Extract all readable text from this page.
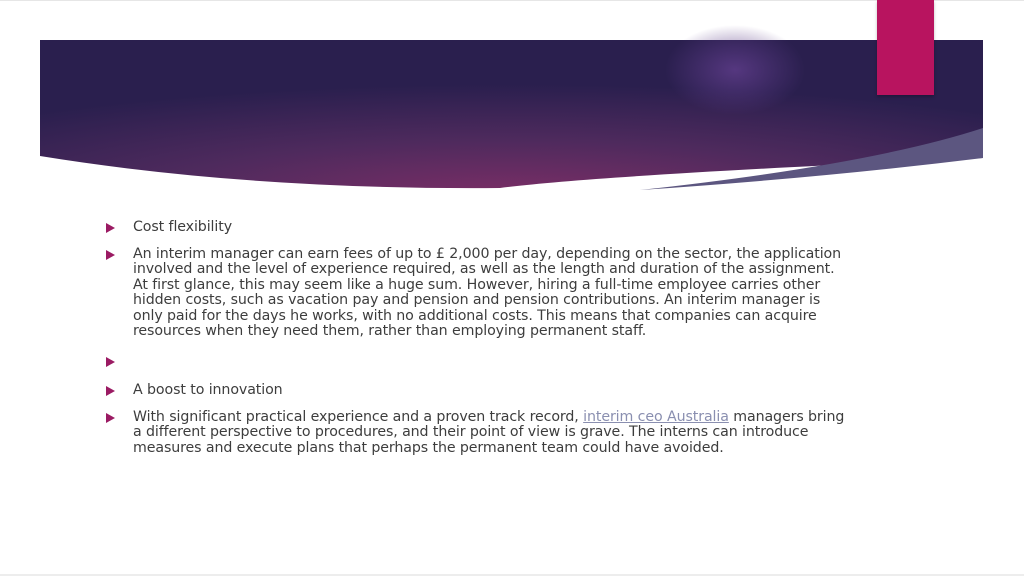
Cost flexibility
An interim manager can earn fees of up to £ 2,000 per day, depending on the sector, the application involved and the level of experience required, as well as the length and duration of the assignment. At first glance, this may seem like a huge sum. However, hiring a full-time employee carries other hidden costs, such as vacation pay and pension and pension contributions. An interim manager is only paid for the days he works, with no additional costs. This means that companies can acquire resources when they need them, rather than employing permanent staff.
A boost to innovation
With significant practical experience and a proven track record, interim ceo Australia managers bring a different perspective to procedures, and their point of view is grave. The interns can introduce measures and execute plans that perhaps the permanent team could have avoided.
